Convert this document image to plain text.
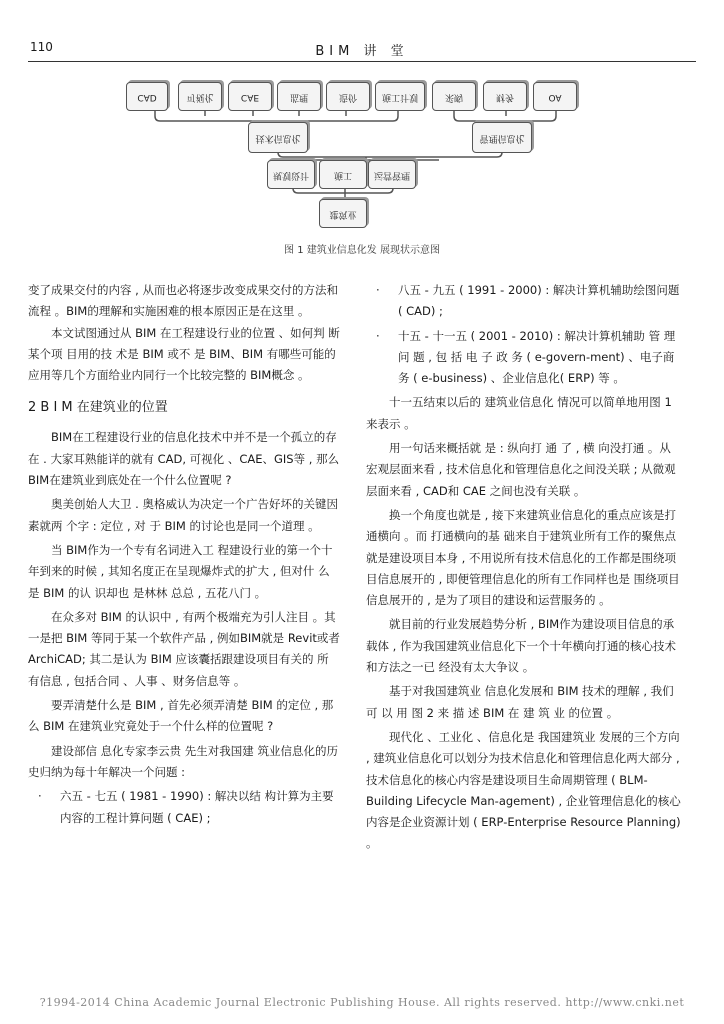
110	BIM 讲 堂
CAD	可视化	CAE	监理	造价	施工计划	采购	财务	OA
技术信息化	管理信息化
规划设计	施工	运营管理
建筑业
图 1 建筑业信息化发 展现状示意图

变了成果交付的内容 , 从而也必将逐步改变成果交付的方法和流程 。BIM的理解和实施困难的根本原因正是在这里 。

本文试图通过从 BIM 在工程建设行业的位置 、如何判 断某个项 目用的技 术是 BIM 或不 是 BIM、BIM 有哪些可能的应用等几个方面给业内同行一个比较完整的 BIM概念 。

2 B I M 在建筑业的位置

BIM在工程建设行业的信息化技术中并不是一个孤立的存在 . 大家耳熟能详的就有 CAD, 可视化 、CAE、GIS等 , 那么 BIM在建筑业到底处在一个什么位置呢 ?

奥美创始人大卫 . 奥格威认为决定一个广告好坏的关键因素就两 个字 : 定位 , 对 于 BIM 的讨论也是同一个道理 。

当 BIM作为一个专有名词进入工 程建设行业的第一个十年到来的时候 , 其知名度正在呈现爆炸式的扩大 , 但对什 么是 BIM 的认 识却也 是林林 总总 , 五花八门 。

在众多对 BIM 的认识中 , 有两个极端充为引人注目 。其一是把 BIM 等同于某一个软件产品 , 例如BIM就是 Revit或者 ArchiCAD; 其二是认为 BIM 应该囊括跟建设项目有关的 所有信息 , 包括合同 、人事 、财务信息等 。

要弄清楚什么是 BIM , 首先必须弄清楚 BIM 的定位 , 那么 BIM 在建筑业究竟处于一个什么样的位置呢 ?

建设部信 息化专家李云贵 先生对我国建 筑业信息化的历史归纳为每十年解决一个问题 :

· 六五 - 七五 ( 1981 - 1990) : 解决以结 构计算为主要内容的工程计算问题 ( CAE) ;
· 八五 - 九五 ( 1991 - 2000) : 解决计算机辅助绘图问题 ( CAD) ;
· 十五 - 十一五 ( 2001 - 2010) : 解决计算机辅助 管 理 问 题 , 包 括 电 子 政 务 ( e-govern-ment) 、电子商 务 ( e-business) 、企业信息化( ERP) 等 。

十一五结束以后的 建筑业信息化 情况可以简单地用图 1来表示 。

用一句话来概括就 是 : 纵向打 通 了 , 横 向没打通 。从宏观层面来看 , 技术信息化和管理信息化之间没关联 ; 从微观层面来看 , CAD和 CAE 之间也没有关联 。

换一个角度也就是 , 接下来建筑业信息化的重点应该是打通横向 。而 打通横向的基 础来自于建筑业所有工作的聚焦点就是建设项目本身 , 不用说所有技术信息化的工作都是围绕项目信息展开的 , 即便管理信息化的所有工作同样也是 围绕项目信息展开的 , 是为了项目的建设和运营服务的 。

就目前的行业发展趋势分析 , BIM作为建设项目信息的承载体 , 作为我国建筑业信息化下一个十年横向打通的核心技术和方法之一已 经没有太大争议 。

基于对我国建筑业 信息化发展和 BIM 技术的理解 , 我们 可 以 用 图 2 来 描 述 BIM 在 建 筑 业 的位置 。

现代化 、工业化 、信息化是 我国建筑业 发展的三个方向 , 建筑业信息化可以划分为技术信息化和管理信息化两大部分 , 技术信息化的核心内容是建设项目生命周期管理 ( BLM-Building Lifecycle Man-agement) , 企业管理信息化的核心内容是企业资源计划 ( ERP-Enterprise Resource Planning) 。

?1994-2014 China Academic Journal Electronic Publishing House. All rights reserved. http://www.cnki.net
